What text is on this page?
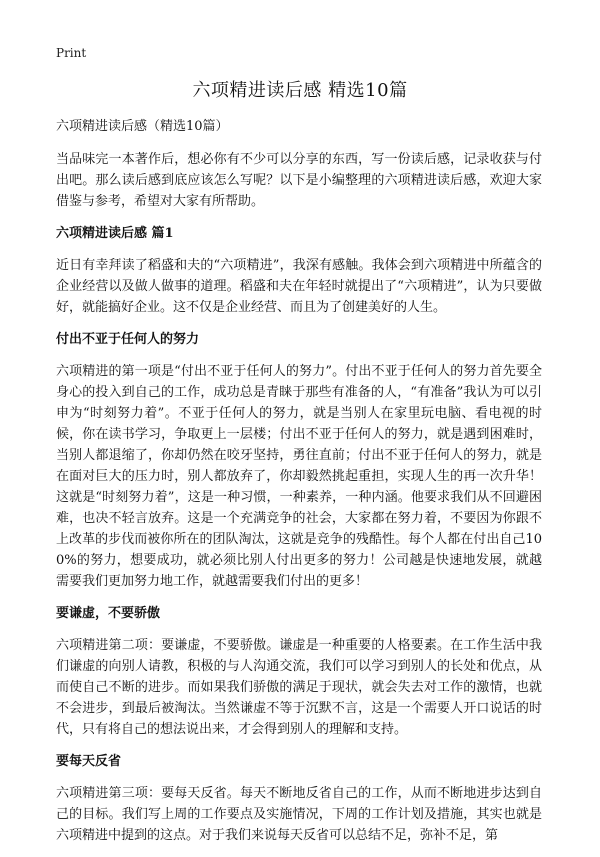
Print
六项精进读后感 精选10篇

六项精进读后感（精选10篇）

当品味完一本著作后，想必你有不少可以分享的东西，写一份读后感，记录收获与付出吧。那么读后感到底应该怎么写呢？以下是小编整理的六项精进读后感，欢迎大家借鉴与参考，希望对大家有所帮助。

六项精进读后感 篇1

近日有幸拜读了稻盛和夫的“六项精进”，我深有感触。我体会到六项精进中所蕴含的企业经营以及做人做事的道理。稻盛和夫在年轻时就提出了“六项精进”，认为只要做好，就能搞好企业。这不仅是企业经营、而且为了创建美好的人生。

付出不亚于任何人的努力

六项精进的第一项是“付出不亚于任何人的努力”。付出不亚于任何人的努力首先要全身心的投入到自己的工作，成功总是青睐于那些有准备的人，“有准备”我认为可以引申为“时刻努力着”。不亚于任何人的努力，就是当别人在家里玩电脑、看电视的时候，你在读书学习，争取更上一层楼；付出不亚于任何人的努力，就是遇到困难时，当别人都退缩了，你却仍然在咬牙坚持，勇往直前；付出不亚于任何人的努力，就是在面对巨大的压力时，别人都放弃了，你却毅然挑起重担，实现人生的再一次升华！这就是“时刻努力着”，这是一种习惯，一种素养，一种内涵。他要求我们从不回避困难，也决不轻言放弃。这是一个充满竞争的社会，大家都在努力着，不要因为你跟不上改革的步伐而被你所在的团队淘汰，这就是竞争的残酷性。每个人都在付出自己100%的努力，想要成功，就必须比别人付出更多的努力！公司越是快速地发展，就越需要我们更加努力地工作，就越需要我们付出的更多！

要谦虚，不要骄傲

六项精进第二项：要谦虚，不要骄傲。谦虚是一种重要的人格要素。在工作生活中我们谦虚的向别人请教，积极的与人沟通交流，我们可以学习到别人的长处和优点，从而使自己不断的进步。而如果我们骄傲的满足于现状，就会失去对工作的激情，也就不会进步，到最后被淘汰。当然谦虚不等于沉默不言，这是一个需要人开口说话的时代，只有将自己的想法说出来，才会得到别人的理解和支持。

要每天反省

六项精进第三项：要每天反省。每天不断地反省自己的工作，从而不断地进步达到自己的目标。我们写上周的工作要点及实施情况，下周的工作计划及措施，其实也就是六项精进中提到的这点。对于我们来说每天反省可以总结不足，弥补不足，第
